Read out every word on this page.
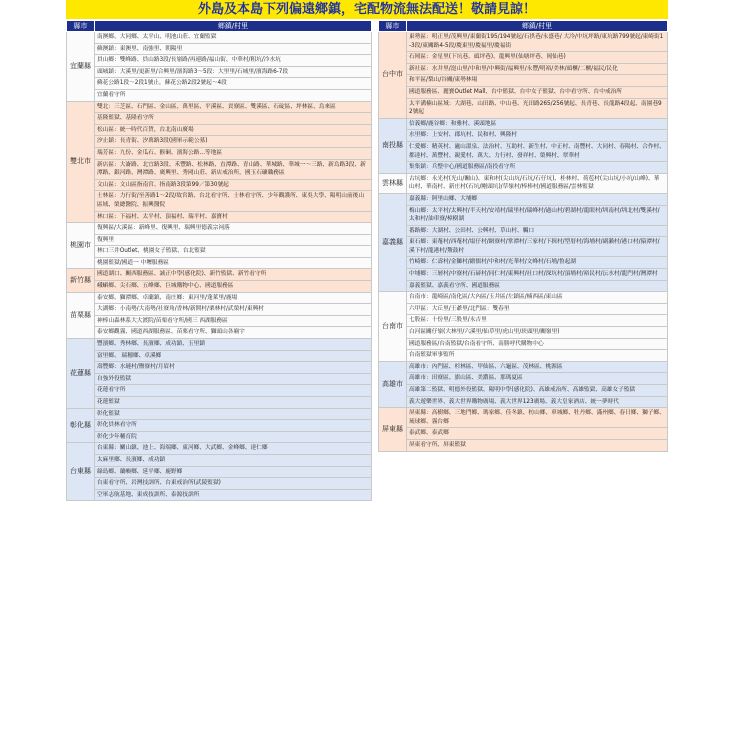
外島及本島下列偏遠鄉鎮，宅配物流無法配送！敬請見諒！
縣市	鄉鎮/村里
宜蘭縣	南澳鄉、大同鄉、太平山、明池山莊、宜蘭監獄
	蘇澳鎮：東澳里、南強里、朝陽里
	員山鄉：雙峰路、員山路3段/長嶺路/再連路/福山街、中華村/粗坑/冷水坑
	頭城鎮：大溪里/更新里/合興里/濱海路3～5段：大里里/石城里/濱海路6-7段
	蘇花公路1段～2段1號止，蘇花公路2段2號起～4段
	宜蘭看守所
雙北市	雙北：三芝區、石門區、金山區、萬里區、平溪區、貢寮區、雙溪區、石碇區、坪林區、烏來區
	基隆監獄、基隆看守所
	松山區：統一時代百貨，台北南山廣場
	汐止鎮：長青街、汐萬路3段(國軍示範公墓)
	瑞芳區：九份、金瓜石、猴硐、濱海公路…等地區
	新店區：大崙路、北宜路3段、禾豐路、松林路、直潭路、青山路、華城路、華城一～三路、新烏路3段、新潭路、銀河路、灣潭路、廣興里、秀岡山莊、新店戒治所，國玉石礦職務區
	文山區：文山區指南宮、指南路3段第99／第30號起
	士林區：力行街/至善路1～2段/故宮路、台北看守所、士林看守所、少年觀護所、東吳大學、陽明山前後山區域、榮總醫院、振興醫院
	林口區：下福村、太平村、頂福村、瑞平村、嘉寶村
桃園市	復興區/大溪區：新峰里、復興里、瑞興里德義宗祠落
	復興里
	林口三井Outlet、桃園女子監獄、台北監獄
	桃園監獄/國道一 中壢服務區
新竹縣	國道湖口、關西服務區、誠正中學(感化院)、新竹監獄、新竹看守所
	峨嵋鄉、尖石鄉、五峰鄉、巨城購物中心、國道服務區
苗栗縣	泰安鄉、獅潭鄉、卓蘭鎮、南庄鄉：東河里/蓬萊里/鹿場
	大湖鄉：小南勢/大南勢/社寮角/香林/新開村/栗林村/武榮村/東興村
	神棒山森林系大大渡院/苗栗看守所/國三 西湖服務區
	泰安鄉觀霧、國道西湖服務區、苗栗看守所、獅頭山各廟宇
花蓮縣	豐濱鄉、秀林鄉、長濱鄉、成功鎮、玉里鎮
	富里鄉、 瑞穗鄉、卓溪鄉
	壽豐鄉：水璉村/鹽寮村/月眉村
	自強外役監獄
	花蓮看守所
	花蓮監獄
彰化縣	彰化監獄
	彰化員林看守所
	彰化少年輔育院
台東縣	台東縣：關山鎮、池上、海端鄉、東河鄉、大武鄉、金峰鄉、達仁鄉
	太麻里鄉、長濱鄉、成功鎮
	綠島鄉、蘭嶼鄉、延平鄉、鹿野鄉
	台東看守所、岩灣技訓所、台東戒治所(武陵監獄)
	空軍志航基地、東成技訓所、泰源技訓所
縣市	鄉鎮/村里
台中市	東勢區：明正里/茂興里/東蘭街195/194號起/石拱巷/永盛巷/ 大冷/中坑坪路/東坑路799號起/東崎街1-3段/東關路4-5段/慶東里/慶福里/慶福街
	石岡區：金星里(下坑巷、頭坪巷)、龍興里(仙塘坪巷、岡仙巷)
	新社區：水井里/崑山里/中和里/中興街/福興里/永豐/明裕/美林/頭櫃/二櫃/福民/民化
	和平區/梨山/谷關/東勢林場
	國道服務區、麗寶Outlet Mall、台中監獄、台中女子監獄、台中看守所、台中戒治所
	太平溝楠山區域：大湖巷、山田路、中山巷、光田路265/256號起、長青巷、長龍路4段起、南園巷92號起
南投縣	信義鄉/鹿谷鄉：和雅村、溪頭地區
	水里鄉：上安村、郡坑村、民和村、興隆村
	仁愛鄉：精英村、廬山溫泉、法治村、互助村、新生村、中正村、南豐村、大同村、春陽村、合作村、都達村、萬豐村、親愛村、萬大、力行村、發祥村、榮興村、翠華村
	集集鎮：兵整中心/國道服務區/南投看守所
雲林縣	古坑鄉：永光村(光山/關山)、東和村(尖山坑/石坑/石仔坑)、桂林村、荷苞村(尖山坑/小坑/山峰)、華山村、華南村、新庄村(石坑/剛頭坑)/草嶺村/棒棒村/國道服務區/雲林監獄
嘉義縣	嘉義縣：阿里山鄉、大埔鄉
	梅山鄉：太平村/太興村/半天村/安靖村/瑞里村/瑞峰村/過山村/碧湖村/龍眼村/圳南村/圳北村/雙溪村/太和村/油車寮/樟樹湖
	番路鄉：大湖村、公田村、公興村、草山村、觸口
	東石鄉：東菴村/西菴村/塭仔村/網寮村/掌潭村/三家村/下揖村/型厝村/海埔村/副瀨村/港口村/猿潭村/溪下村/龍港村/鰲鼓村
	竹崎鄉：仁壽村/金獅村/緞儒村/中和村/光華村/文峰村/石埔/鲁起湖
	中埔鄉：三層村/中寮村/石硦村/同仁村/東興村/社口村/深坑村/頂埔村/裕民村/沄水村/龍門村/灣潭村
	嘉義監獄、嘉義看守所、國道服務區
台南市	台南市：龍崎區/南化區/大內區/玉井區/左鎮區/楠西區/東山區
	六甲區：大丘里/王爺里/北門區：雙春里
	七股區：十份里/三股里/永吉里
	白河區關仔嶺(大林里/六溪里/仙草里/虎山里/崁頭里/關嶺里)
	國道服務區/台南監獄/台南看守所、南勝呼代購物中心
	台南監獄軍事監所
高雄市	高雄市：內門區、杉林區、甲仙區、六龜區、茂林區、桃源區
	高雄市：田寮區、旗山區、美濃區、那瑪夏區
	高雄第二監獄、明德外役監獄、陽明中學(感化院)、高雄戒治所、高雄監獄、高雄女子監獄
	義大遊樂世界、義大世界購物廣場、義大世界123廣場、義大皇家酒店、統一夢時代
屏東縣	屏東縣：高樹鄉、三地門鄉、瑪家鄉、佳冬鎮、枋山鄉、車城鄉、牡丹鄉、滿州鄉、春日鄉、獅子鄉、琉球鄉、霧台鄉
	泰武鄉、泰武鄉
	屏東看守所、屏東監獄
